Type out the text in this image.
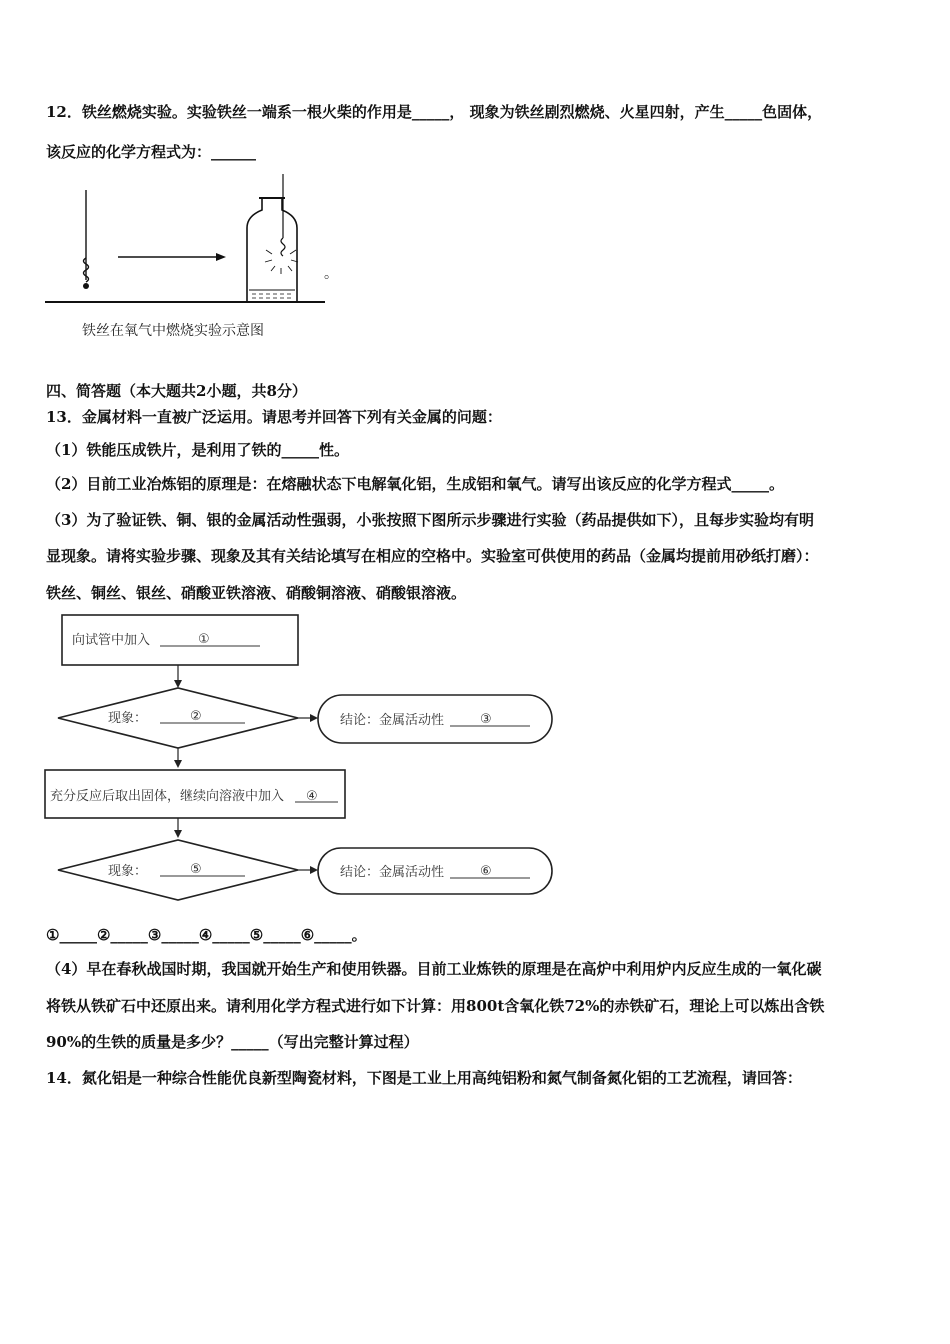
12．铁丝燃烧实验。实验铁丝一端系一根火柴的作用是_____， 现象为铁丝剧烈燃烧、火星四射，产生_____色固体，
该反应的化学方程式为：______
。
铁丝在氧气中燃烧实验示意图
四、简答题（本大题共2小题，共8分）
13．金属材料一直被广泛运用。请思考并回答下列有关金属的问题：
（1）铁能压成铁片，是利用了铁的_____性。
（2）目前工业冶炼铝的原理是：在熔融状态下电解氧化铝，生成铝和氧气。请写出该反应的化学方程式_____。
（3）为了验证铁、铜、银的金属活动性强弱，小张按照下图所示步骤进行实验（药品提供如下），且每步实验均有明
显现象。请将实验步骤、现象及其有关结论填写在相应的空格中。实验室可供使用的药品（金属均提前用砂纸打磨）：
铁丝、铜丝、银丝、硝酸亚铁溶液、硝酸铜溶液、硝酸银溶液。
向试管中加入	①
现象：	②	结论：金属活动性	③
充分反应后取出固体，继续向溶液中加入 ④
现象：	⑤	结论：金属活动性	⑥
①_____②_____③_____④_____⑤_____⑥_____。
（4）早在春秋战国时期，我国就开始生产和使用铁器。目前工业炼铁的原理是在高炉中利用炉内反应生成的一氧化碳
将铁从铁矿石中还原出来。请利用化学方程式进行如下计算：用800t含氧化铁72%的赤铁矿石，理论上可以炼出含铁
90%的生铁的质量是多少？_____（写出完整计算过程）
14．氮化铝是一种综合性能优良新型陶瓷材料，下图是工业上用高纯铝粉和氮气制备氮化铝的工艺流程，请回答：
